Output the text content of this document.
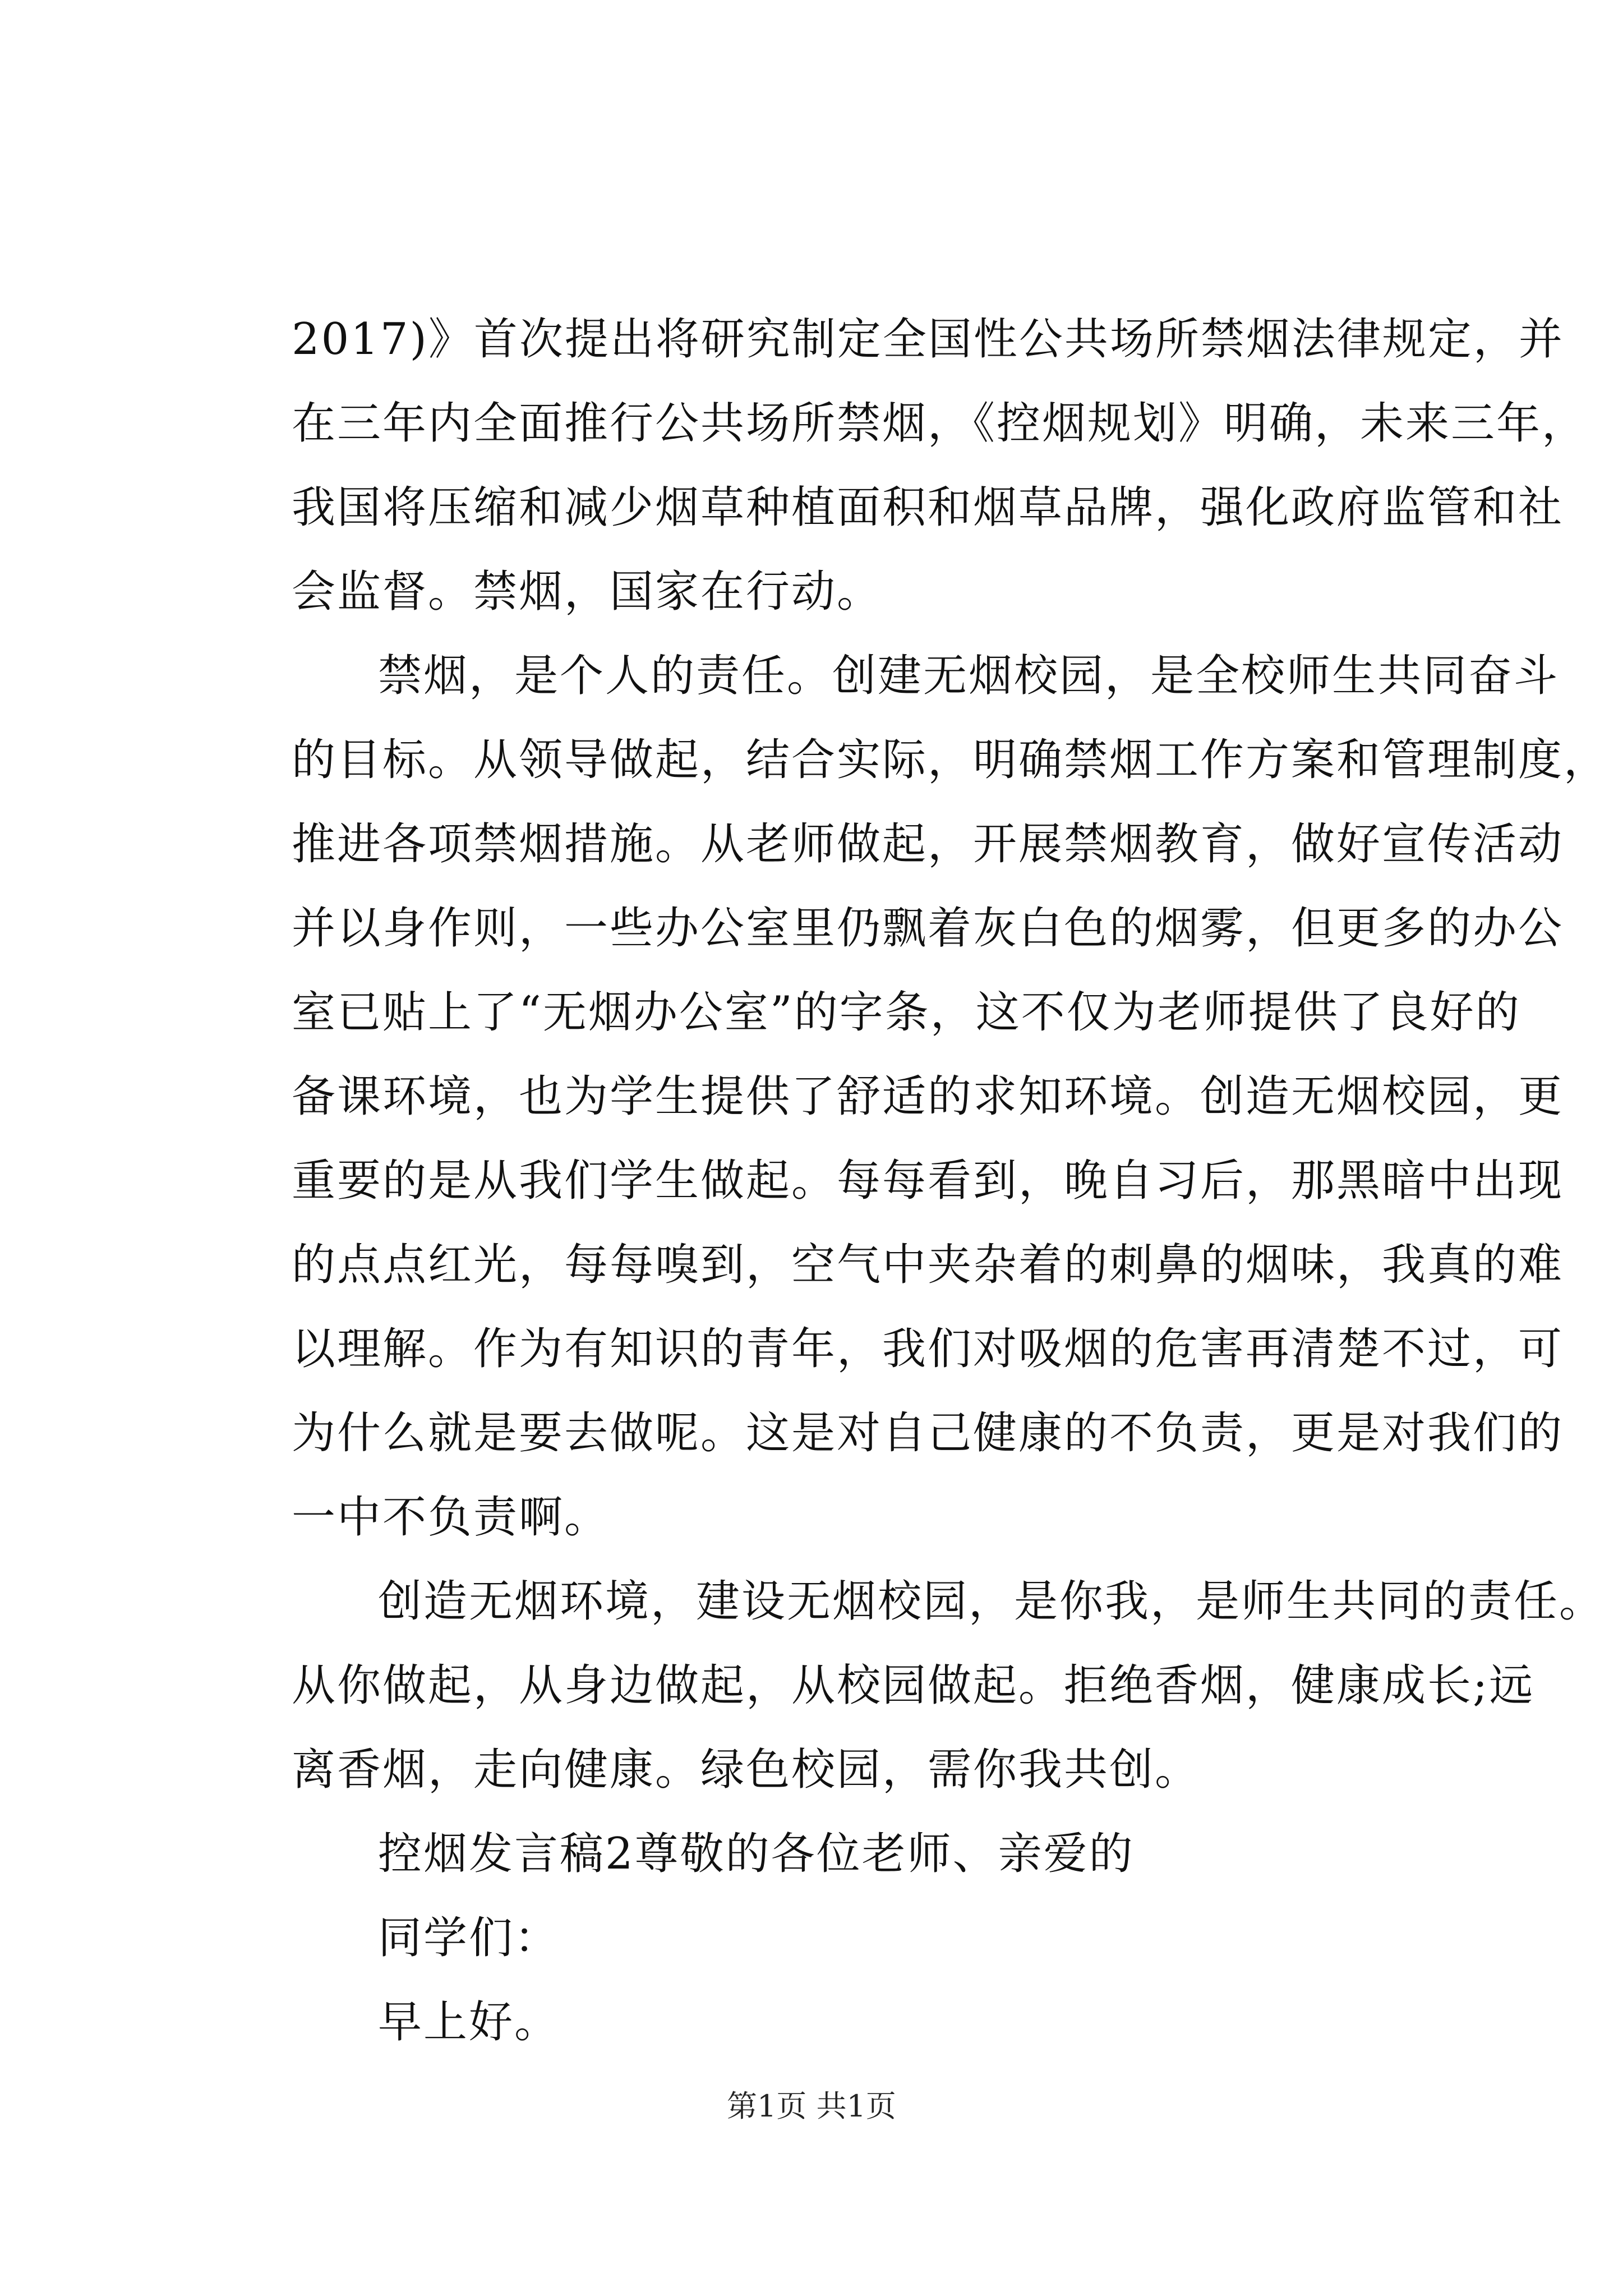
2017)》首次提出将研究制定全国性公共场所禁烟法律规定，并
在三年内全面推行公共场所禁烟，《控烟规划》明确，未来三年，
我国将压缩和减少烟草种植面积和烟草品牌，强化政府监管和社
会监督。禁烟，国家在行动。
禁烟，是个人的责任。创建无烟校园，是全校师生共同奋斗
的目标。从领导做起，结合实际，明确禁烟工作方案和管理制度，
推进各项禁烟措施。从老师做起，开展禁烟教育，做好宣传活动
并以身作则，一些办公室里仍飘着灰白色的烟雾，但更多的办公
室已贴上了“无烟办公室”的字条，这不仅为老师提供了良好的
备课环境，也为学生提供了舒适的求知环境。创造无烟校园，更
重要的是从我们学生做起。每每看到，晚自习后，那黑暗中出现
的点点红光，每每嗅到，空气中夹杂着的刺鼻的烟味，我真的难
以理解。作为有知识的青年，我们对吸烟的危害再清楚不过，可
为什么就是要去做呢。这是对自己健康的不负责，更是对我们的
一中不负责啊。
创造无烟环境，建设无烟校园，是你我，是师生共同的责任。
从你做起，从身边做起，从校园做起。拒绝香烟，健康成长;远
离香烟，走向健康。绿色校园，需你我共创。
控烟发言稿2尊敬的各位老师、亲爱的
同学们：
早上好。
第1页 共1页
